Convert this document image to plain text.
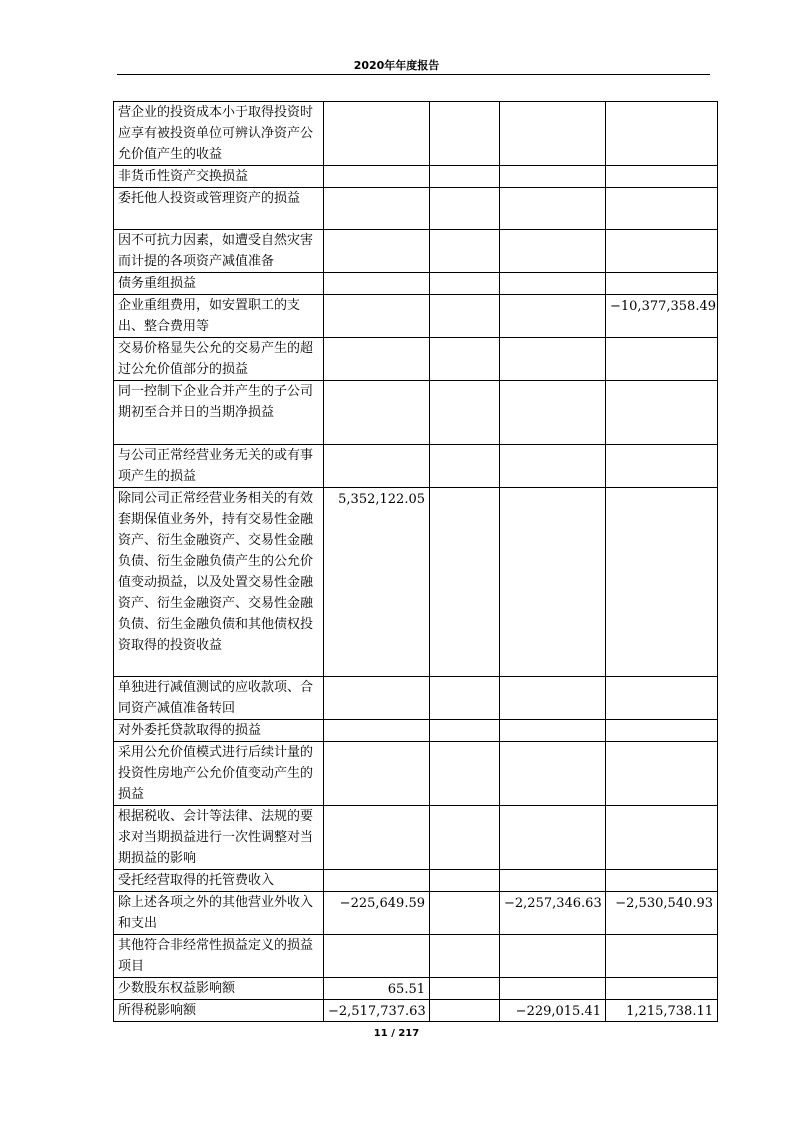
2020年年度报告
营企业的投资成本小于取得投资时应享有被投资单位可辨认净资产公允价值产生的收益				
非货币性资产交换损益				
委托他人投资或管理资产的损益				
因不可抗力因素，如遭受自然灾害而计提的各项资产减值准备				
债务重组损益				
企业重组费用，如安置职工的支出、整合费用等				−10,377,358.49
交易价格显失公允的交易产生的超过公允价值部分的损益				
同一控制下企业合并产生的子公司期初至合并日的当期净损益				
与公司正常经营业务无关的或有事项产生的损益				
除同公司正常经营业务相关的有效套期保值业务外，持有交易性金融资产、衍生金融资产、交易性金融负债、衍生金融负债产生的公允价值变动损益，以及处置交易性金融资产、衍生金融资产、交易性金融负债、衍生金融负债和其他债权投资取得的投资收益	5,352,122.05			
单独进行减值测试的应收款项、合同资产减值准备转回				
对外委托贷款取得的损益				
采用公允价值模式进行后续计量的投资性房地产公允价值变动产生的损益				
根据税收、会计等法律、法规的要求对当期损益进行一次性调整对当期损益的影响				
受托经营取得的托管费收入				
除上述各项之外的其他营业外收入和支出	−225,649.59		−2,257,346.63	−2,530,540.93
其他符合非经常性损益定义的损益项目				
少数股东权益影响额	65.51			
所得税影响额	−2,517,737.63		−229,015.41	1,215,738.11
11 / 217
